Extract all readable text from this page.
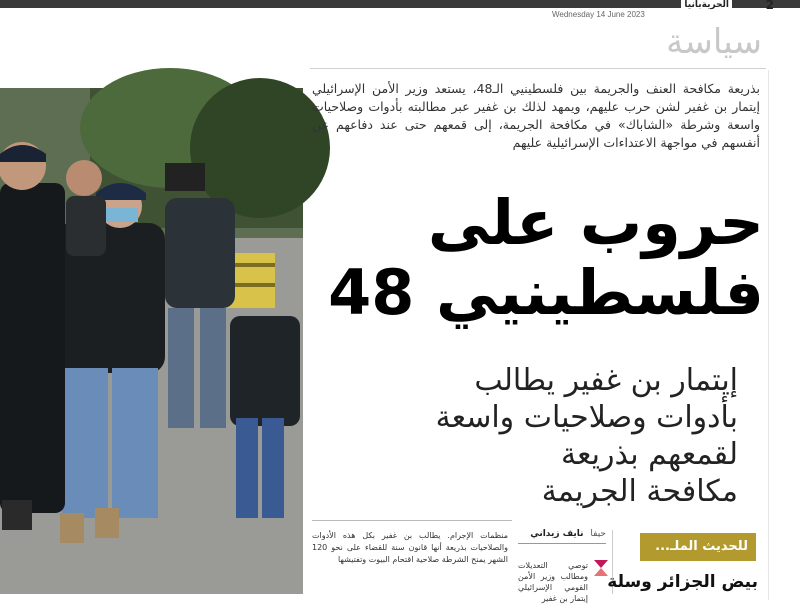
الحريةبانيا	2
Wednesday 14 June 2023
سياسة
بذريعة مكافحة العنف والجريمة بين فلسطينيي الـ48، يستعد وزير الأمن الإسرائيلي إيتمار بن غفير لشن حرب عليهم، ويمهد لذلك بن غفير عبر مطالبته بأدوات وصلاحيات واسعة وشرطة «الشاباك» في مكافحة الجريمة، إلى قمعهم حتى عند دفاعهم عن أنفسهم في مواجهة الاعتداءات الإسرائيلية عليهم
حروب على
فلسطينيي 48
إيتمار بن غفير يطالب
بأدوات وصلاحيات واسعة
لقمعهم بذريعة
مكافحة الجريمة
منظمات الإجرام. يطالب بن غفير بكل هذه الأدوات والصلاحيات بذريعة أنها قانون سنة للقضاء على نحو 120 الشهر يمنح الشرطة صلاحية اقتحام البيوت وتفتيشها
حيفا نايف زيداني
توصي التعديلات ومطالب وزير الأمن القومي الإسرائيلي إيتمار بن غفير
للحديث الملـ...
بيض الجزائر وسلة
